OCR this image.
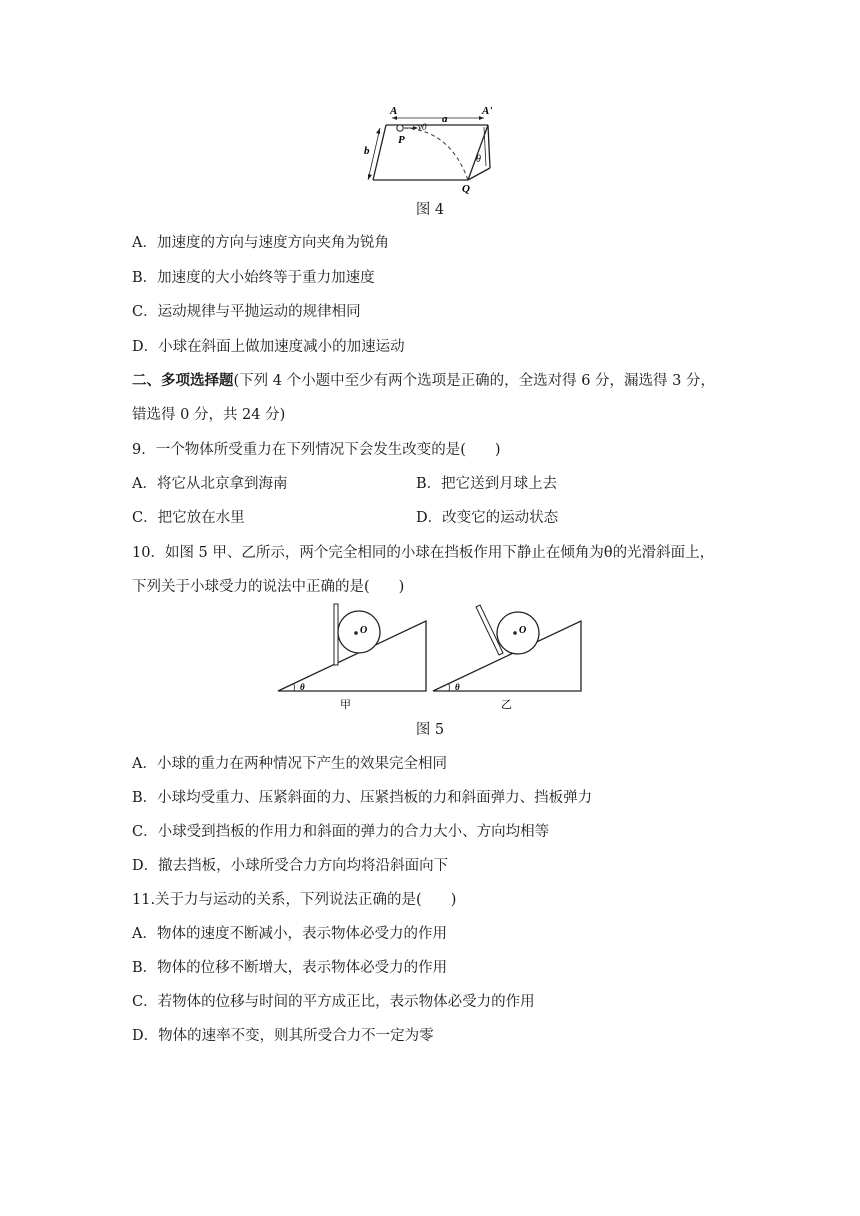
A	A'
a
b
P
v0
θ
Q
图 4
A．加速度的方向与速度方向夹角为锐角
B．加速度的大小始终等于重力加速度
C．运动规律与平抛运动的规律相同
D．小球在斜面上做加速度减小的加速运动
二、多项选择题(下列 4 个小题中至少有两个选项是正确的，全选对得 6 分，漏选得 3 分，
错选得 0 分，共 24 分)
9．一个物体所受重力在下列情况下会发生改变的是(　　)
A．将它从北京拿到海南	B．把它送到月球上去
C．把它放在水里	D．改变它的运动状态
10．如图 5 甲、乙所示，两个完全相同的小球在挡板作用下静止在倾角为θ的光滑斜面上，
下列关于小球受力的说法中正确的是(　　)
O
θ
O
θ
甲	乙
图 5
A．小球的重力在两种情况下产生的效果完全相同
B．小球均受重力、压紧斜面的力、压紧挡板的力和斜面弹力、挡板弹力
C．小球受到挡板的作用力和斜面的弹力的合力大小、方向均相等
D．撤去挡板，小球所受合力方向均将沿斜面向下
11.关于力与运动的关系，下列说法正确的是(　　)
A．物体的速度不断减小，表示物体必受力的作用
B．物体的位移不断增大，表示物体必受力的作用
C．若物体的位移与时间的平方成正比，表示物体必受力的作用
D．物体的速率不变，则其所受合力不一定为零
